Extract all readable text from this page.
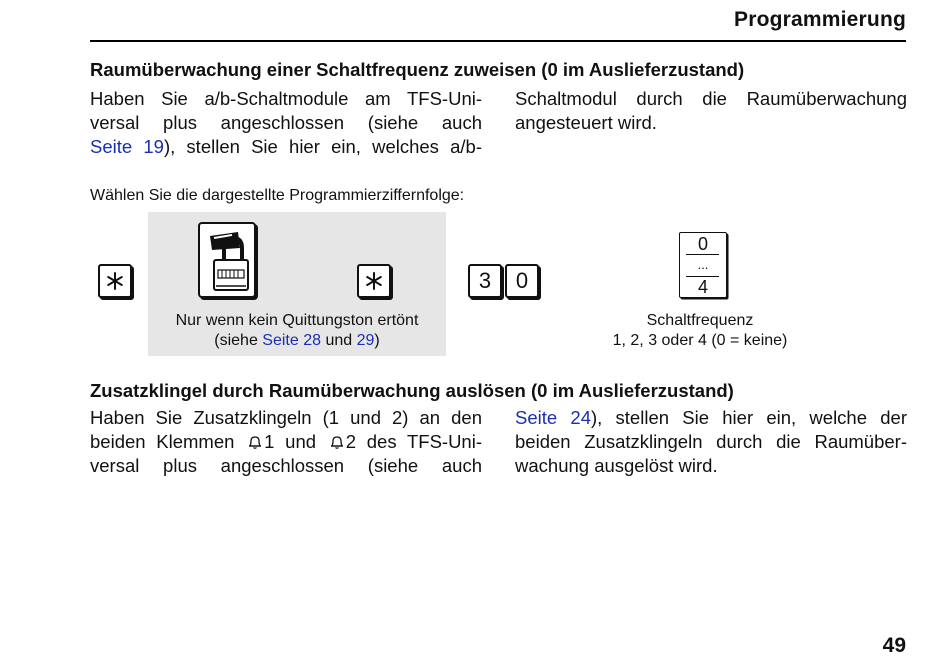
Programmierung
Raumüberwachung einer Schaltfrequenz zuweisen (0 im Auslieferzustand)
Haben Sie a/b-Schaltmodule am TFS-Uni-
versal plus angeschlossen (siehe auch
Seite 19), stellen Sie hier ein, welches a/b-
Schaltmodul durch die Raumüberwachung
angesteuert wird.
Wählen Sie die dargestellte Programmierziffernfolge:
3	0
Nur wenn kein Quittungston ertönt
(siehe Seite 28 und 29)
0
...
4
Schaltfrequenz
1, 2, 3 oder 4 (0 = keine)
Zusatzklingel durch Raumüberwachung auslösen (0 im Auslieferzustand)
Haben Sie Zusatzklingeln (1 und 2) an den
beiden Klemmen 1 und 2 des TFS-Uni-
versal plus angeschlossen (siehe auch
Seite 24), stellen Sie hier ein, welche der
beiden Zusatzklingeln durch die Raumüber-
wachung ausgelöst wird.
49
